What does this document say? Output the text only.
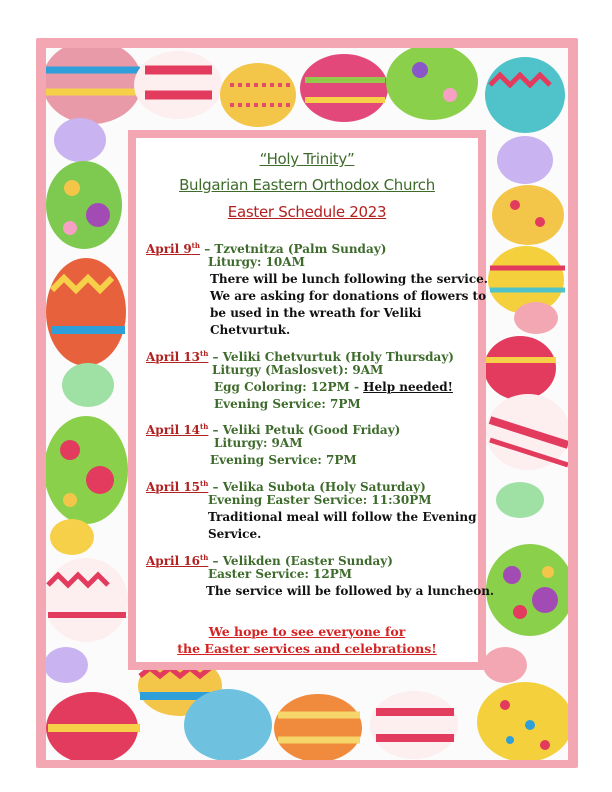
“Holy Trinity”
Bulgarian Eastern Orthodox Church
Easter Schedule 2023
April 9th – Tzvetnitza (Palm Sunday)
Liturgy: 10AM
There will be lunch following the service.
We are asking for donations of flowers to
be used in the wreath for Veliki
Chetvurtuk.
April 13th – Veliki Chetvurtuk (Holy Thursday)
Liturgy (Maslosvet): 9AM
Egg Coloring: 12PM - Help needed!
Evening Service: 7PM
April 14th – Veliki Petuk (Good Friday)
Liturgy: 9AM
Evening Service: 7PM
April 15th – Velika Subota (Holy Saturday)
Evening Easter Service: 11:30PM
Traditional meal will follow the Evening
Service.
April 16th – Velikden (Easter Sunday)
Easter Service: 12PM
The service will be followed by a luncheon.
We hope to see everyone for
the Easter services and celebrations!
